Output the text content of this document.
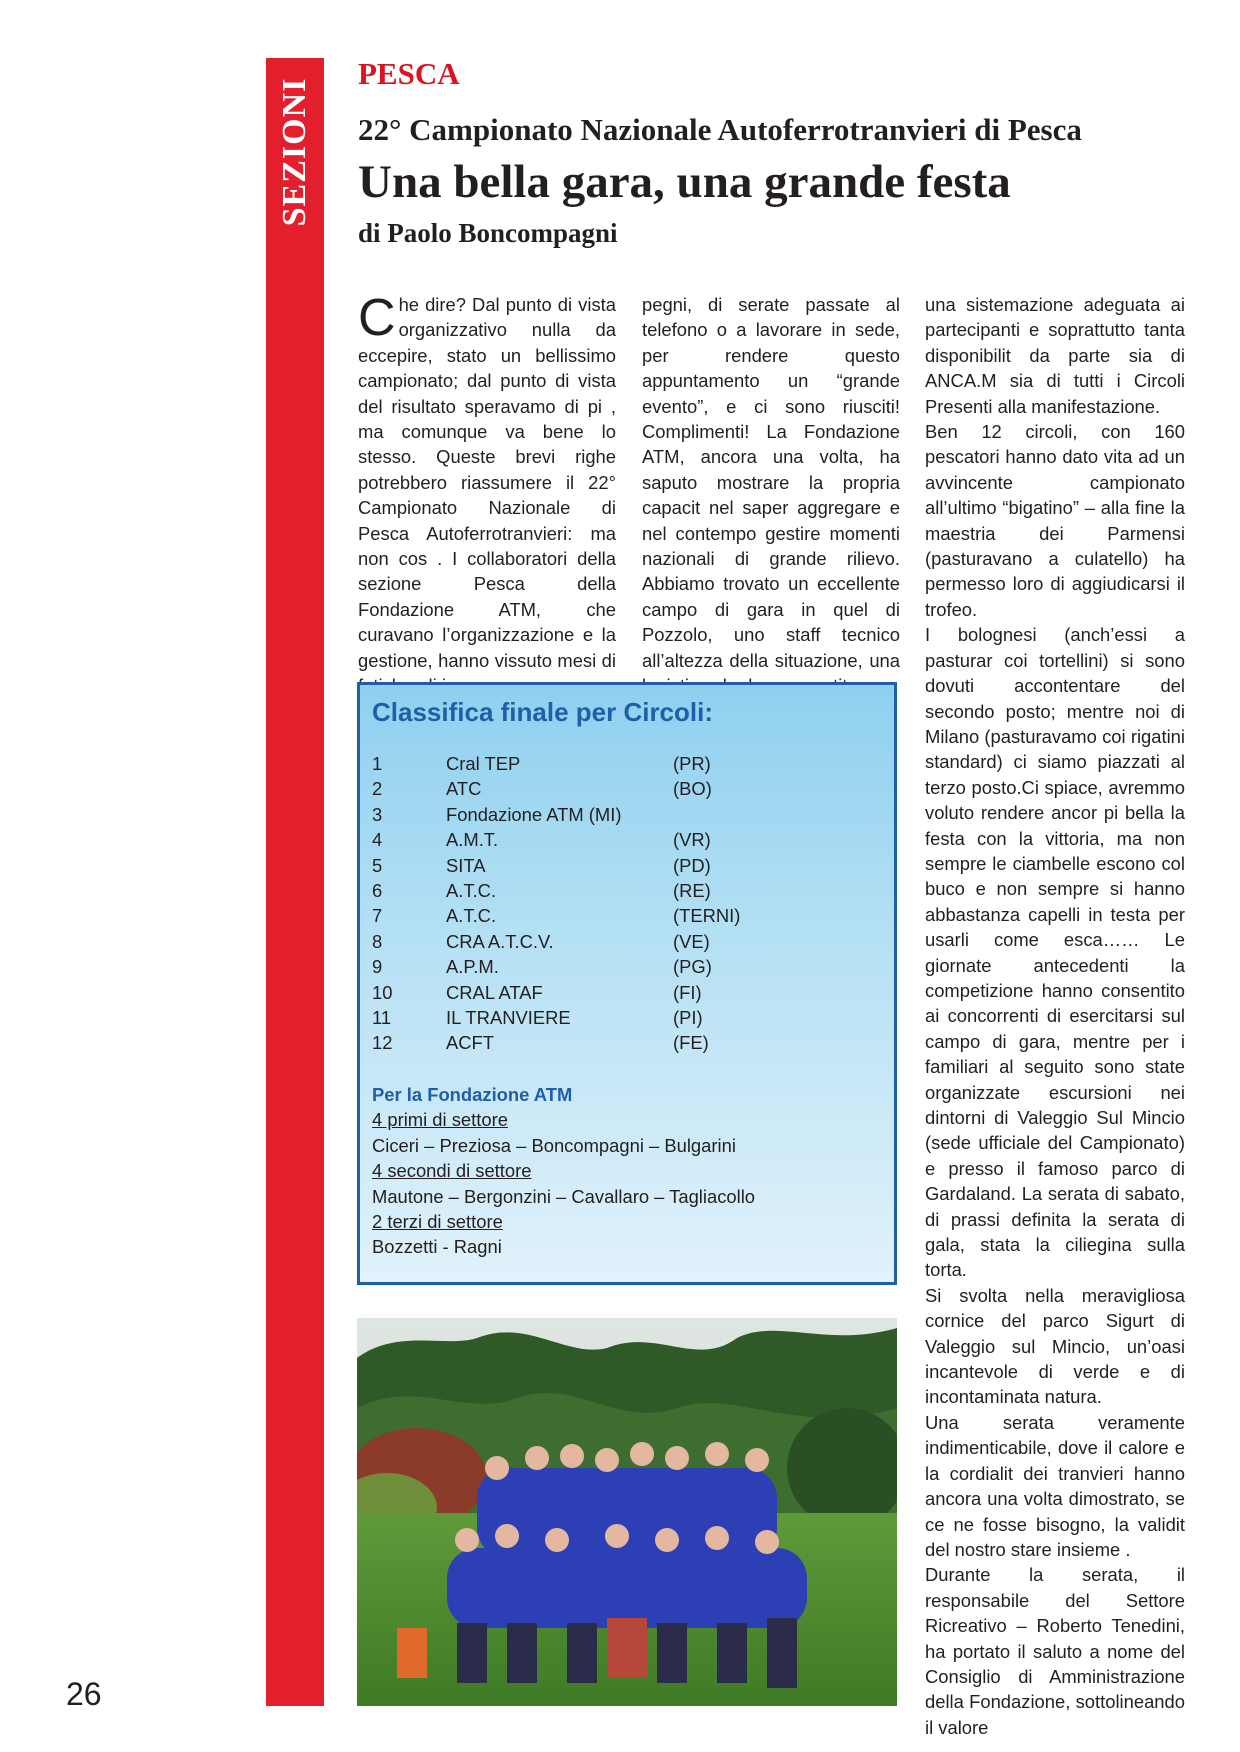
SEZIONI
PESCA
22° Campionato Nazionale Autoferrotranvieri di Pesca
Una bella gara, una grande festa
di Paolo Boncompagni
Che dire? Dal punto di vista organizzativo nulla da eccepire, stato un bellissimo campionato; dal punto di vista del risultato speravamo di pi , ma comunque va bene lo stesso. Queste brevi righe potrebbero riassumere il 22° Campionato Nazionale di Pesca Autoferrotranvieri: ma non cos . I collaboratori della sezione Pesca della Fondazione ATM, che curavano l’organizzazione e la gestione, hanno vissuto mesi di
pegni, di serate passate al telefono o a lavorare in sede, per rendere questo appuntamento un “grande evento”, e ci sono riusciti! Complimenti! La Fondazione ATM, ancora una volta, ha saputo mostrare la propria capacit nel saper aggregare e nel contempo gestire momenti nazionali di grande rilievo. Abbiamo trovato un eccellente campo di gara in quel di Pozzolo, uno staff tecnico all’altezza della situazione, una

una sistemazione adeguata ai partecipanti e soprattutto tanta disponibilit da parte sia di ANCA.M sia di tutti i Circoli Presenti alla manifestazione.

Ben 12 circoli, con 160 pescatori hanno dato vita ad un avvincente campionato all’ultimo “bigatino” – alla fine la maestria dei Parmensi (pasturavano a culatello) ha permesso loro di aggiudicarsi il trofeo.

I bolognesi (anch’essi a pasturar coi tortellini) si sono dovuti accontentare del secondo posto; mentre noi di Milano (pasturavamo coi rigatini standard) ci siamo piazzati al terzo posto.Ci spiace, avremmo voluto rendere ancor pi bella la festa con la vittoria, ma non sempre le ciambelle escono col buco e non sempre si hanno abbastanza capelli in testa per usarli come esca…… Le giornate antecedenti la competizione hanno consentito ai concorrenti di esercitarsi sul campo di gara, mentre per i familiari al seguito sono state organizzate escursioni nei dintorni di Valeggio Sul Mincio (sede ufficiale del Campionato) e presso il famoso parco di Gardaland. La serata di sabato, di prassi definita la serata di gala, stata la ciliegina sulla torta.

Si svolta nella meravigliosa cornice del parco Sigurt di Valeggio sul Mincio, un’oasi incantevole di verde e di incontaminata natura.

Una serata veramente indimenticabile, dove il calore e la cordialit dei tranvieri hanno ancora una volta dimostrato, se ce ne fosse bisogno, la validit del nostro stare insieme .

Durante la serata, il responsabile del Settore Ricreativo – Roberto Tenedini, ha portato il saluto a nome del Consiglio di Amministrazione della Fondazione, sottolineando il valore

Classifica finale per Circoli:
1	Cral TEP	(PR)
2	ATC	(BO)
3	Fondazione ATM (MI)
4	A.M.T.	(VR)
5	SITA	(PD)
6	A.T.C.	(RE)
7	A.T.C.	(TERNI)
8	CRA A.T.C.V.	(VE)
9	A.P.M.	(PG)
10	CRAL ATAF	(FI)
11	IL TRANVIERE	(PI)
12	ACFT	(FE)
Per la Fondazione ATM
4 primi di settore
Ciceri – Preziosa – Boncompagni – Bulgarini
4 secondi di settore
Mautone – Bergonzini – Cavallaro – Tagliacollo
2 terzi di settore
Bozzetti - Ragni
26
